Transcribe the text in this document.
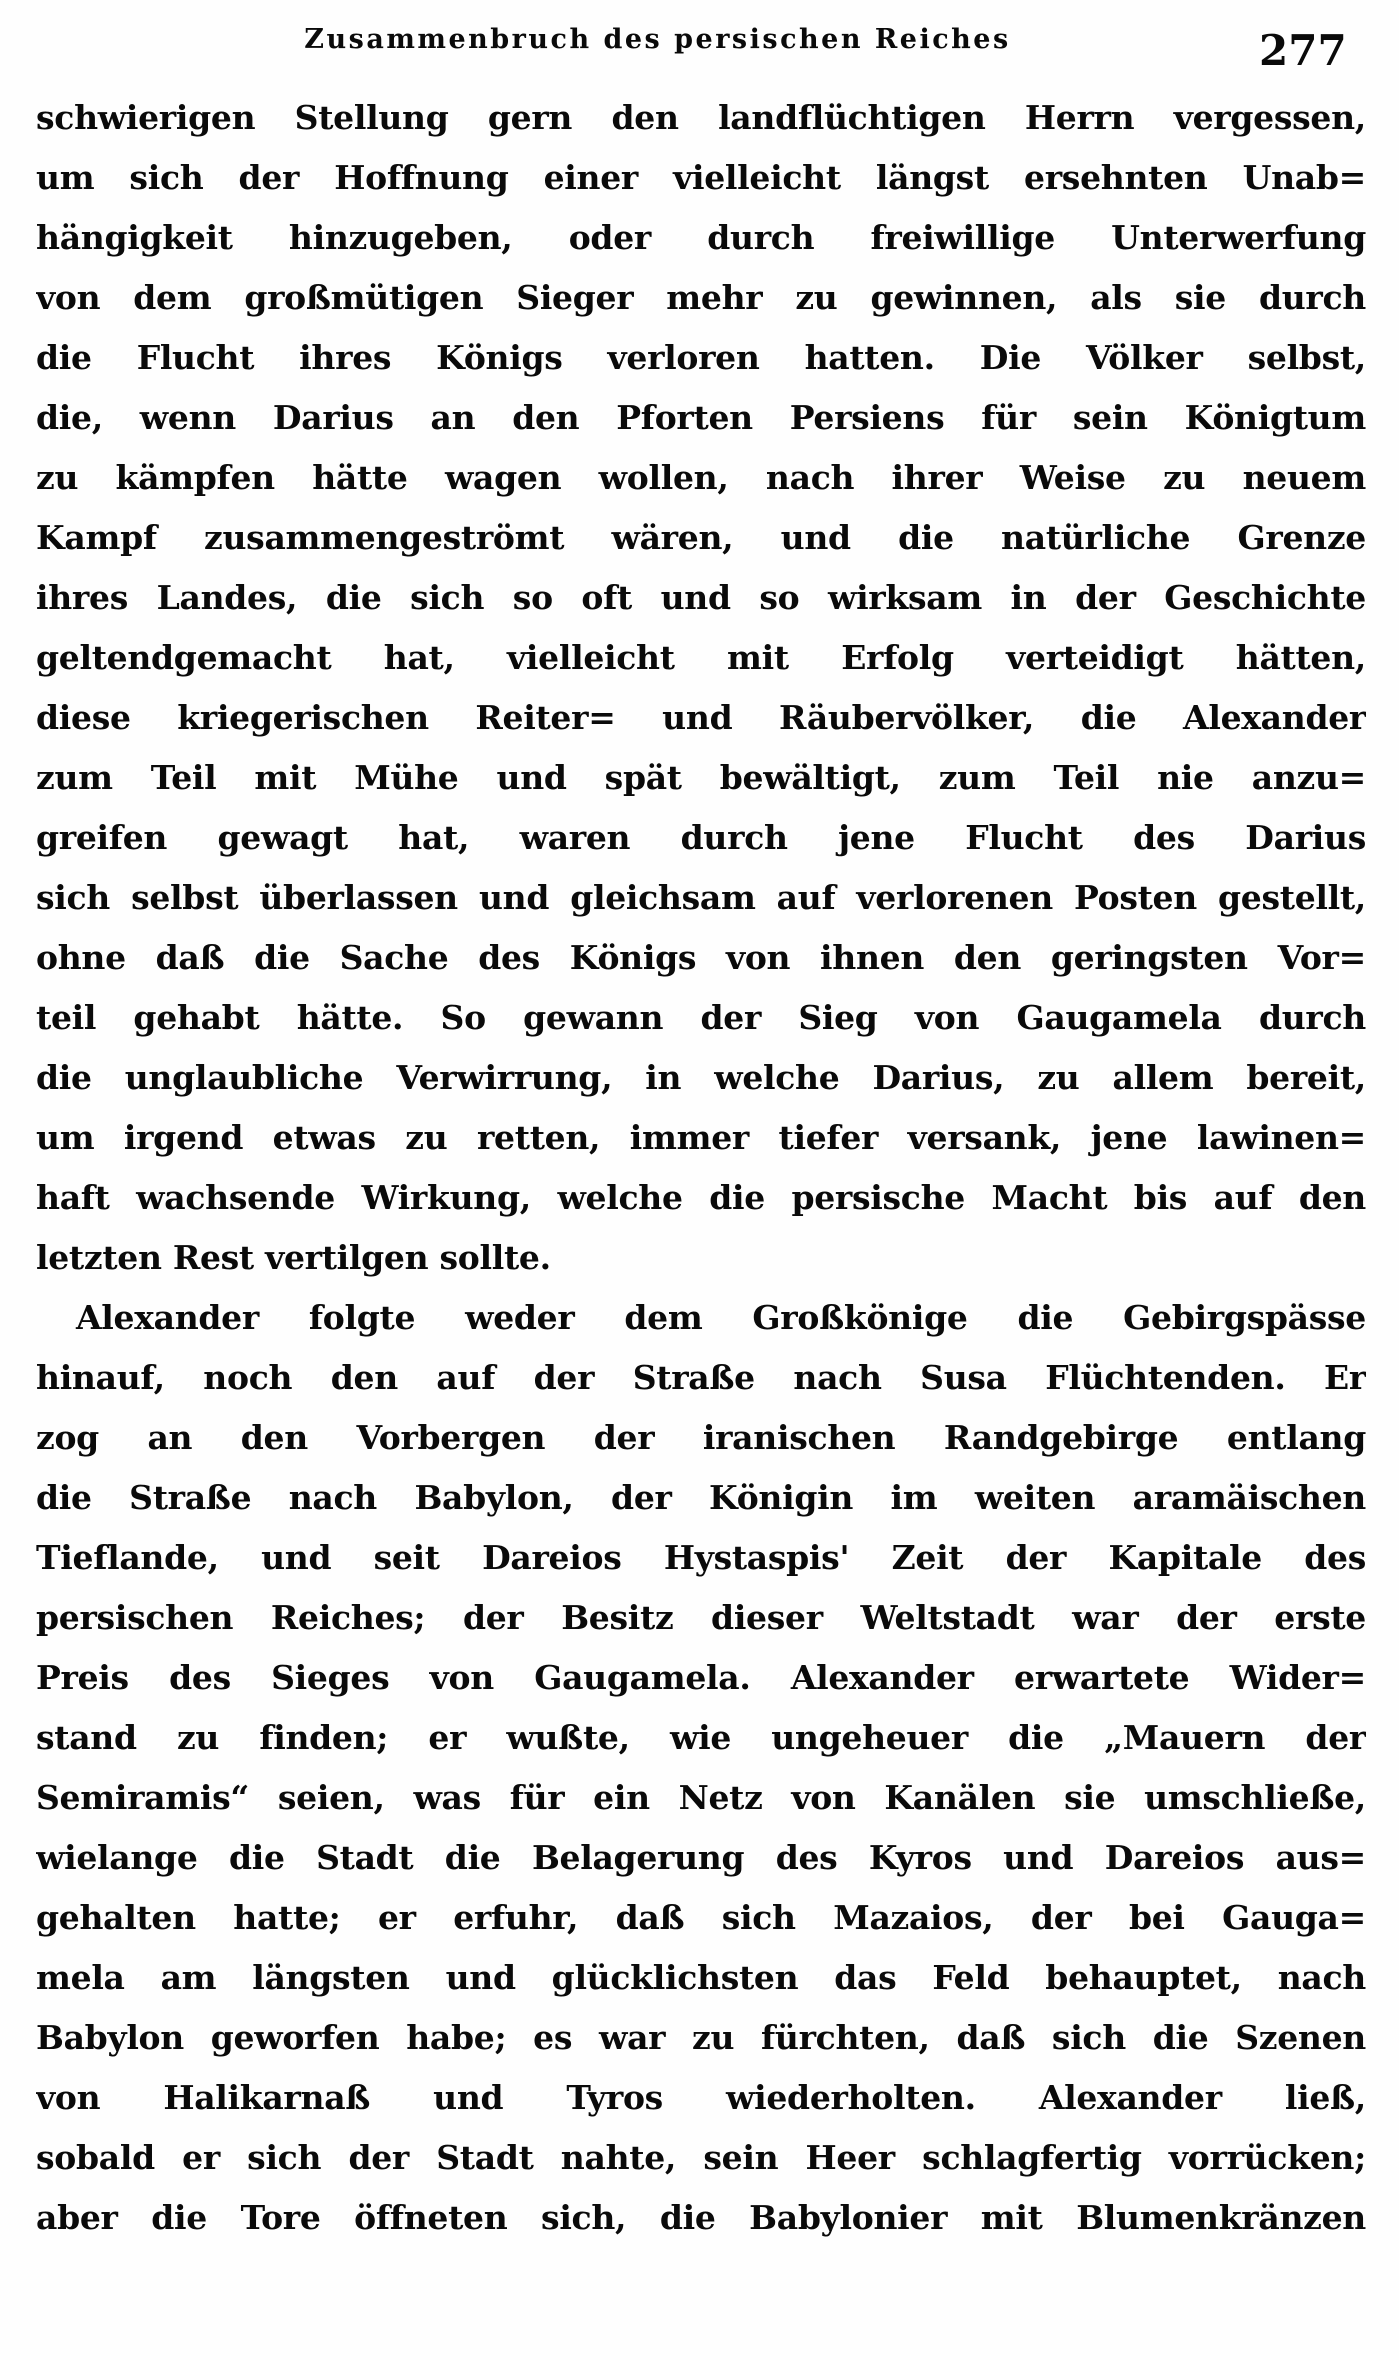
Zusammenbruch des persischen Reiches	277
schwierigen Stellung gern den landflüchtigen Herrn vergessen,
um sich der Hoffnung einer vielleicht längst ersehnten Unab=
hängigkeit hinzugeben, oder durch freiwillige Unterwerfung
von dem großmütigen Sieger mehr zu gewinnen, als sie durch
die Flucht ihres Königs verloren hatten. Die Völker selbst,
die, wenn Darius an den Pforten Persiens für sein Königtum
zu kämpfen hätte wagen wollen, nach ihrer Weise zu neuem
Kampf zusammengeströmt wären, und die natürliche Grenze
ihres Landes, die sich so oft und so wirksam in der Geschichte
geltendgemacht hat, vielleicht mit Erfolg verteidigt hätten,
diese kriegerischen Reiter= und Räubervölker, die Alexander
zum Teil mit Mühe und spät bewältigt, zum Teil nie anzu=
greifen gewagt hat, waren durch jene Flucht des Darius
sich selbst überlassen und gleichsam auf verlorenen Posten gestellt,
ohne daß die Sache des Königs von ihnen den geringsten Vor=
teil gehabt hätte. So gewann der Sieg von Gaugamela durch
die unglaubliche Verwirrung, in welche Darius, zu allem bereit,
um irgend etwas zu retten, immer tiefer versank, jene lawinen=
haft wachsende Wirkung, welche die persische Macht bis auf den
letzten Rest vertilgen sollte.
Alexander folgte weder dem Großkönige die Gebirgspässe
hinauf, noch den auf der Straße nach Susa Flüchtenden. Er
zog an den Vorbergen der iranischen Randgebirge entlang
die Straße nach Babylon, der Königin im weiten aramäischen
Tieflande, und seit Dareios Hystaspis' Zeit der Kapitale des
persischen Reiches; der Besitz dieser Weltstadt war der erste
Preis des Sieges von Gaugamela. Alexander erwartete Wider=
stand zu finden; er wußte, wie ungeheuer die „Mauern der
Semiramis“ seien, was für ein Netz von Kanälen sie umschließe,
wielange die Stadt die Belagerung des Kyros und Dareios aus=
gehalten hatte; er erfuhr, daß sich Mazaios, der bei Gauga=
mela am längsten und glücklichsten das Feld behauptet, nach
Babylon geworfen habe; es war zu fürchten, daß sich die Szenen
von Halikarnaß und Tyros wiederholten. Alexander ließ,
sobald er sich der Stadt nahte, sein Heer schlagfertig vorrücken;
aber die Tore öffneten sich, die Babylonier mit Blumenkränzen
